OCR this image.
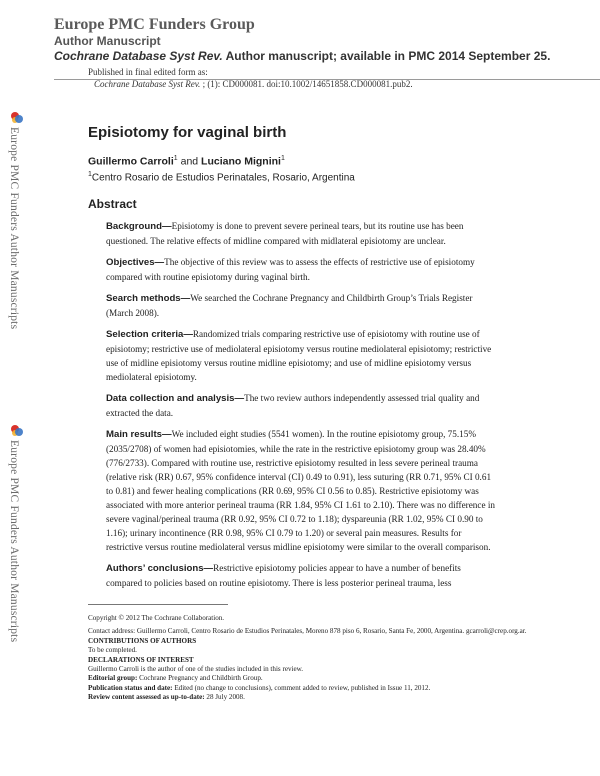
Europe PMC Funders Group
Author Manuscript
Cochrane Database Syst Rev. Author manuscript; available in PMC 2014 September 25.
Published in final edited form as:
Cochrane Database Syst Rev. ; (1): CD000081. doi:10.1002/14651858.CD000081.pub2.
Europe PMC Funders Author Manuscripts
Europe PMC Funders Author Manuscripts
Episiotomy for vaginal birth
Guillermo Carroli$^1$ and Luciano Mignini$^1$
$^1$Centro Rosario de Estudios Perinatales, Rosario, Argentina
Abstract

Background—Episiotomy is done to prevent severe perineal tears, but its routine use has been questioned. The relative effects of midline compared with midlateral episiotomy are unclear.

Objectives—The objective of this review was to assess the effects of restrictive use of episiotomy compared with routine episiotomy during vaginal birth.

Search methods—We searched the Cochrane Pregnancy and Childbirth Group’s Trials Register (March 2008).

Selection criteria—Randomized trials comparing restrictive use of episiotomy with routine use of episiotomy; restrictive use of mediolateral episiotomy versus routine mediolateral episiotomy; restrictive use of midline episiotomy versus routine midline episiotomy; and use of midline episiotomy versus mediolateral episiotomy.

Data collection and analysis—The two review authors independently assessed trial quality and extracted the data.

Main results—We included eight studies (5541 women). In the routine episiotomy group, 75.15% (2035/2708) of women had episiotomies, while the rate in the restrictive episiotomy group was 28.40% (776/2733). Compared with routine use, restrictive episiotomy resulted in less severe perineal trauma (relative risk (RR) 0.67, 95% confidence interval (CI) 0.49 to 0.91), less suturing (RR 0.71, 95% CI 0.61 to 0.81) and fewer healing complications (RR 0.69, 95% CI 0.56 to 0.85). Restrictive episiotomy was associated with more anterior perineal trauma (RR 1.84, 95% CI 1.61 to 2.10). There was no difference in severe vaginal/perineal trauma (RR 0.92, 95% CI 0.72 to 1.18); dyspareunia (RR 1.02, 95% CI 0.90 to 1.16); urinary incontinence (RR 0.98, 95% CI 0.79 to 1.20) or several pain measures. Results for restrictive versus routine mediolateral versus midline episiotomy were similar to the overall comparison.

Authors’ conclusions—Restrictive episiotomy policies appear to have a number of benefits compared to policies based on routine episiotomy. There is less posterior perineal trauma, less

Copyright © 2012 The Cochrane Collaboration.
Contact address: Guillermo Carroli, Centro Rosario de Estudios Perinatales, Moreno 878 piso 6, Rosario, Santa Fe, 2000, Argentina. gcarroli@crep.org.ar.
CONTRIBUTIONS OF AUTHORS
To be completed.
DECLARATIONS OF INTEREST
Guillermo Carroli is the author of one of the studies included in this review.
Editorial group: Cochrane Pregnancy and Childbirth Group.
Publication status and date: Edited (no change to conclusions), comment added to review, published in Issue 11, 2012.
Review content assessed as up-to-date: 28 July 2008.
